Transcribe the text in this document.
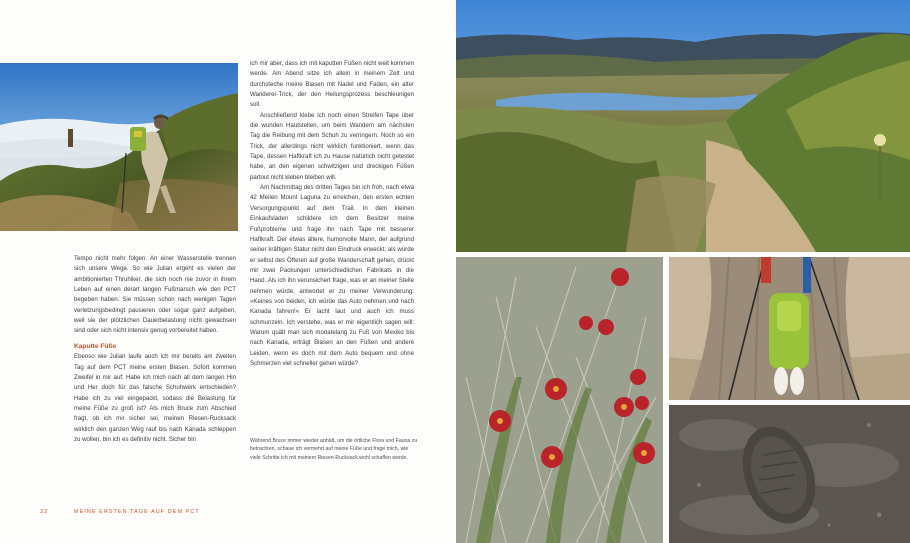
Tempo nicht mehr folgen. An einer Wasserstelle trennen sich unsere Wege. So wie Julian ergeht es vielen der ambitionierten Thruhiker, die sich noch nie zuvor in ihrem Leben auf einen derart langen Fußmarsch wie den PCT begeben haben. Sie müssen schon nach wenigen Tagen verletzungsbedingt pausieren oder sogar ganz aufgeben, weil sie der plötzlichen Dauerbelastung nicht gewachsen sind oder sich nicht intensiv genug vorbereitet haben.

Kaputte Füße

Ebenso wie Julian laufe auch ich mir bereits am zweiten Tag auf dem PCT meine ersten Blasen. Sofort kommen Zweifel in mir auf: Habe ich mich nach all dem langen Hin und Her doch für das falsche Schuhwerk entschieden? Habe ich zu viel eingepackt, sodass die Belastung für meine Füße zu groß ist? Als mich Bruce zum Abschied fragt, ob ich mir sicher sei, meinen Riesen-Rucksack wirklich den ganzen Weg rauf bis nach Kanada schleppen zu wollen, bin ich es definitiv nicht. Sicher bin

ich mir aber, dass ich mit kaputten Füßen nicht weit kommen werde. Am Abend sitze ich allein in meinem Zelt und durchsteche meine Blasen mit Nadel und Faden, ein alter Wanderer-Trick, der den Heilungsprozess beschleunigen soll.

Anschließend klebe ich noch einen Streifen Tape über die wunden Hautstellen, um beim Wandern am nächsten Tag die Reibung mit dem Schuh zu verringern. Noch so ein Trick, der allerdings nicht wirklich funktioniert, wenn das Tape, dessen Haftkraft ich zu Hause natürlich nicht getestet habe, an den eigenen schwitzigen und dreckigen Füßen partout nicht kleben bleiben will.

Am Nachmittag des dritten Tages bin ich froh, nach etwa 42 Meilen Mount Laguna zu erreichen, den ersten echten Versorgungspunkt auf dem Trail. In dem kleinen Einkaufsladen schildere ich dem Besitzer meine Fußprobleme und frage ihn nach Tape mit besserer Haftkraft. Der etwas ältere, humorvolle Mann, der aufgrund seiner kräftigen Statur nicht den Eindruck erweckt, als würde er selbst des Öfteren auf große Wanderschaft gehen, drückt mir zwei Packungen unterschiedlichen Fabrikats in die Hand. Als ich ihn verunsichert frage, was er an meiner Stelle nehmen würde, antwortet er zu meiner Verwunderung: »Keines von beiden, ich würde das Auto nehmen und nach Kanada fahren!« Er lacht laut und auch ich muss schmunzeln. Ich verstehe, was er mir eigentlich sagen will: Warum quält man sich monatelang zu Fuß von Mexiko bis nach Kanada, erträgt Blasen an den Füßen und andere Leiden, wenn es doch mit dem Auto bequem und ohne Schmerzen viel schneller gehen würde?

Während Bruce immer wieder anhält, um die örtliche Flora und Fauna zu betrachten, schaue ich vermehrt auf meine Füße und frage mich, wie viele Schritte ich mit meinem Riesen-Rucksack wohl schaffen werde.
32	MEINE ERSTEN TAGE AUF DEM PCT
